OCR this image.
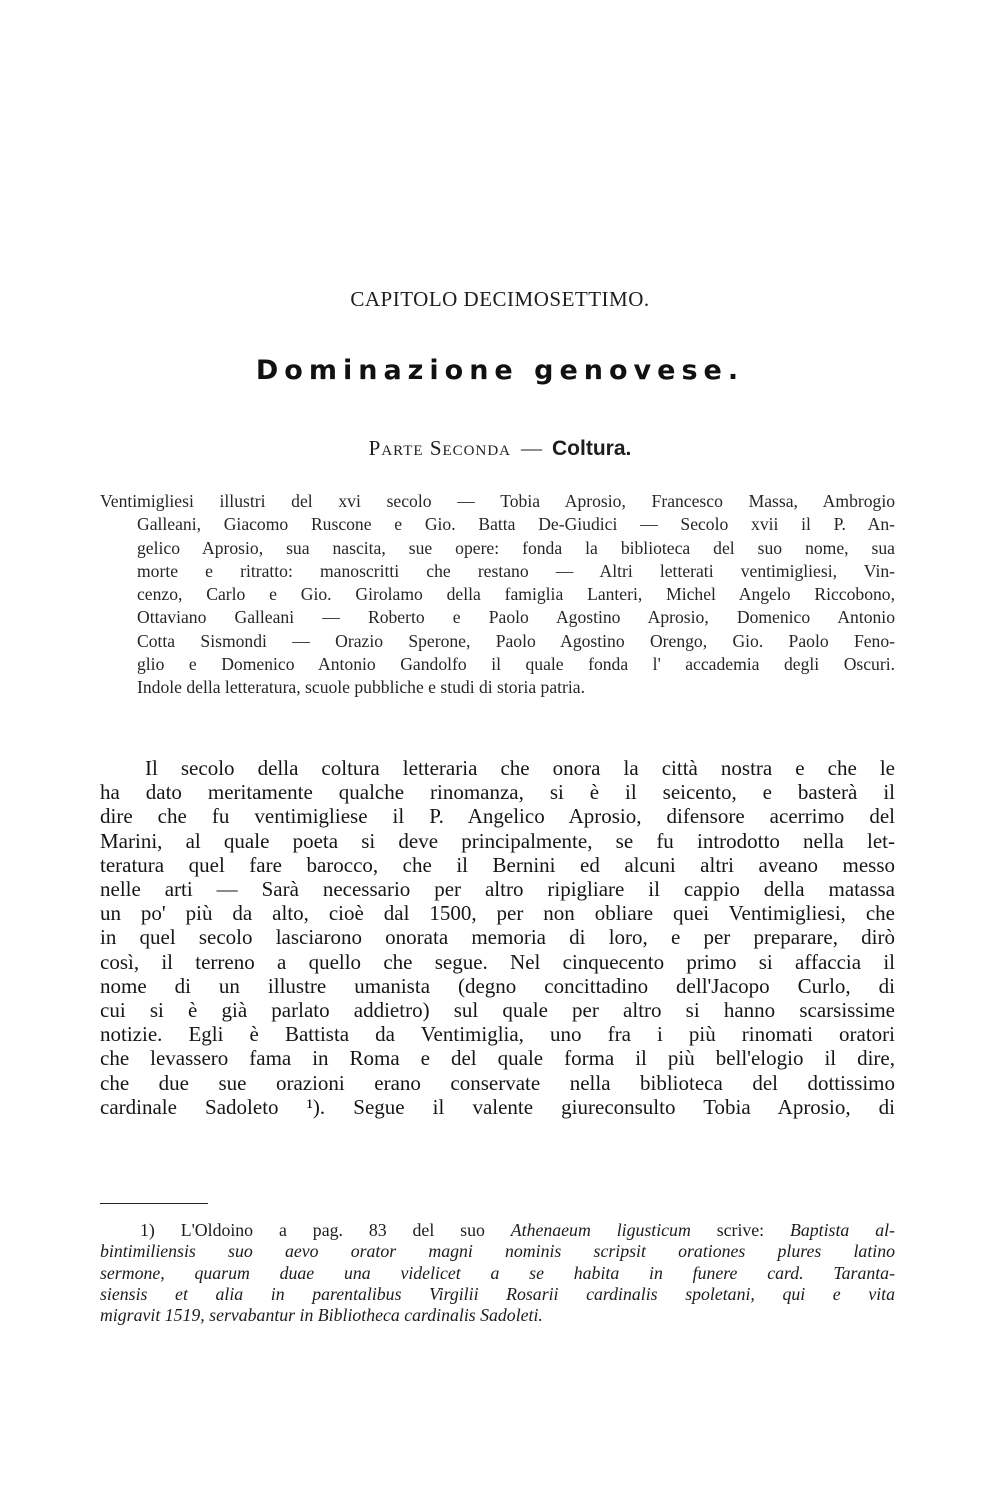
CAPITOLO DECIMOSETTIMO.
Dominazione genovese.
Parte Seconda — Coltura.
Ventimigliesi illustri del xvi secolo — Tobia Aprosio, Francesco Massa, Ambrogio
Galleani, Giacomo Ruscone e Gio. Batta De-Giudici — Secolo xvii il P. An-
gelico Aprosio, sua nascita, sue opere: fonda la biblioteca del suo nome, sua
morte e ritratto: manoscritti che restano — Altri letterati ventimigliesi, Vin-
cenzo, Carlo e Gio. Girolamo della famiglia Lanteri, Michel Angelo Riccobono,
Ottaviano Galleani — Roberto e Paolo Agostino Aprosio, Domenico Antonio
Cotta Sismondi — Orazio Sperone, Paolo Agostino Orengo, Gio. Paolo Feno-
glio e Domenico Antonio Gandolfo il quale fonda l' accademia degli Oscuri.
Indole della letteratura, scuole pubbliche e studi di storia patria.
Il secolo della coltura letteraria che onora la città nostra e che le
ha dato meritamente qualche rinomanza, si è il seicento, e basterà il
dire che fu ventimigliese il P. Angelico Aprosio, difensore acerrimo del
Marini, al quale poeta si deve principalmente, se fu introdotto nella let-
teratura quel fare barocco, che il Bernini ed alcuni altri aveano messo
nelle arti — Sarà necessario per altro ripigliare il cappio della matassa
un po' più da alto, cioè dal 1500, per non obliare quei Ventimigliesi, che
in quel secolo lasciarono onorata memoria di loro, e per preparare, dirò
così, il terreno a quello che segue. Nel cinquecento primo si affaccia il
nome di un illustre umanista (degno concittadino dell'Jacopo Curlo, di
cui si è già parlato addietro) sul quale per altro si hanno scarsissime
notizie. Egli è Battista da Ventimiglia, uno fra i più rinomati oratori
che levassero fama in Roma e del quale forma il più bell'elogio il dire,
che due sue orazioni erano conservate nella biblioteca del dottissimo
cardinale Sadoleto ¹). Segue il valente giureconsulto Tobia Aprosio, di
1) L'Oldoino a pag. 83 del suo Athenaeum ligusticum scrive: Baptista al-
bintimiliensis suo aevo orator magni nominis scripsit orationes plures latino
sermone, quarum duae una videlicet a se habita in funere card. Taranta-
siensis et alia in parentalibus Virgilii Rosarii cardinalis spoletani, qui e vita
migravit 1519, servabantur in Bibliotheca cardinalis Sadoleti.
